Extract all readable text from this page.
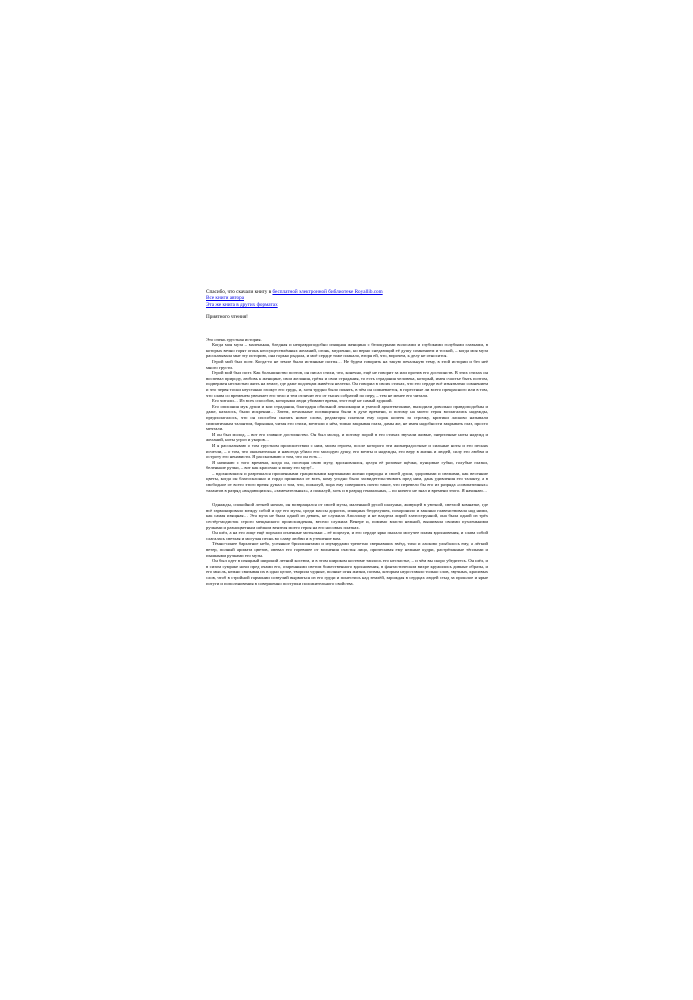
Спасибо, что скачали книгу в бесплатной электронной библиотеке Royallib.com
Все книги автора
Эта же книга в других форматах

Приятного чтения!

Это очень грустная история.

Когда моя муза – маленькая, бледная и неправдоподобно изящная женщина с белокурыми волосами и глубокими голубыми глазками, в которых вечно горят огонь неосуществлённых желаний, огонь, медленно, но верно снедающий её душу сомнением и тоской, – когда моя муза рассказывала мне эту историю, она горько рыдала, и моё сердце тоже плакало, вторя ей, что, впрочем, к делу не относится.

Герой мой был поэт. Когда-то не земле были истинные поэты… Не будем говорить на такую печальную тему, в этой истории и без неё много грусти.

Герой мой был поэт. Как большинство поэтов, он писал стихи, что, конечно, ещё не говорит за или против его достоинств. В этих стихах он воспевал природу, любовь к женщине, свои желания, грёзы и свои страдания, то есть страдания человека, который, имея счастье быть поэтом, подвержен несчастью жить на земле, где даже подлецам живётся нелегко. Он говорил в своих стихах, что его сердце всё изъязвлено сомнением и что червя тоски неустанно гложут его грудь, и, хотя трудно было понять, в чём он сомневается, в горестные ли всего прекрасного или в том, что слава со временем увенчает его чело и тем отличит его от тысяч собратий по перу, – тем не менее его читали.

Его читали… Из всех способов, которыми люди убивают время, этот ещё не самый худший.

Его описания мук души и кои страдания, благодаря обильной лексикации и умелой архитектонике, выходили довольно правдоподобны и даже, казалось, были искренни… Затем, печальные посвящения были в духе времени, и потому на моего героя возлагались надежды, предполагалось, что он способен сказать новое слово, редакторы платили ему сорок копеек за строчку, критики ласково называли симпатичным талантом, барышни, читая его стихи, мечтали о нём, томно закрывая глаза, дамы же, не имея надобности закрывать глаз, просто мечтали.

И он был молод, – вот его главное достоинство. Он был молод, и потому порой в его стихах звучали живые, энергичные ноты надежд и желаний, ноты угроз и укоров…

И я рассказываю о том грустном происшествии с ним, моим героем, после которого эти жизнерадостные и сильные ноты и его песнях исчезли, – о том, что окончательно и навсегда убило его молодую душу, его мечты и надежды, его веру в жизнь и людей, силу его любви и остроту его ненависти. Я рассказываю о том, что он есть…

Я начинаю с того времени, когда он, посещая свою музу, вдохновлялся, целуя её розовые щёчки, пунцовые губки, голубые глазки, беленькие ручки, – вот как красочно я пишу его музу!..

– вдохновлялся и разрешался прошенными грациозными картинками жизни природы и своей души, здоровыми и свежими, как весенние цветы, когда он благосклонно и гордо принимал от всех, кому угодно было засвидетельствовать пред ним, дань удивления его таланту, а в свободное от всего этого время думал о том, что, пожалуй, пора ему совершить почто такое, что перевело бы его из разряда «симпатичных» талантов в разряд «выдающихся», «замечательных», а пожалуй, хоть и в разряд гениальных, – по ничего не знал и времени этого. Я начинаю…

Однажды, спокойной летней ночью, он возвращался от своей музы, маленькой русой шалуньи, живущей в уютной, светлой комнатке, где всё гармонировало между собой и где его музы, среди массы дорогих, изящных безделушек, похоронило и законно главенствовала над ними, как самая изящная… Эта муза не была одной из девять, не служила Аполлону и не владела лирой златострунной, она была одной из трёх сестёр-модисток строго мещанского происхождения, весело служила Венере и, помимо власти нежной, вышивала своими пухленькими ручками и разноцветным шёлком вензеля моего героя на его носовых платках.

Он шёл, а на его лице ещё порхали огненные мотыльки – её поцелуи, и его сердце ярко пылало могучее пламя вдохновения, и слава собой слагалась светлая и могучая песнь во славу любви и в утешение вам.

Тёмно-синее бархатное небо, усеянное бриллиантами и изумрудами трепетно сверкавших звёзд, тихо и ласково улыбалось ему, а лёгкий ветер, полный аромата цветов, овевал его горевшее от волнения счастья лицо, причесывая ему нежные кудри, растрёпанные тёплыми и пышными ручками его музы.

Он был одет в изящный широкий летний костюм, и в этом широком костюме таилось его несчастье, – и чём вы скоро убедитесь. Он шёл, и в сизом сумраке ночи пред очами его, озаренными светом божественного вдохновения, в фантастическом вихре кружились дивные образы, и его мысль, нежно связывая их в одно целое, творила чудные, полные огня жизни, поэмы, которым недоставало только слов, звучных, красивых слов, чтоб в стройной гармонии созвучий вырваться из его груди и понестись над землёй, зарождая в сердцах людей стыд за прошлое и ярые потуги и поползновения в совершенно поступки положительного свойства.
